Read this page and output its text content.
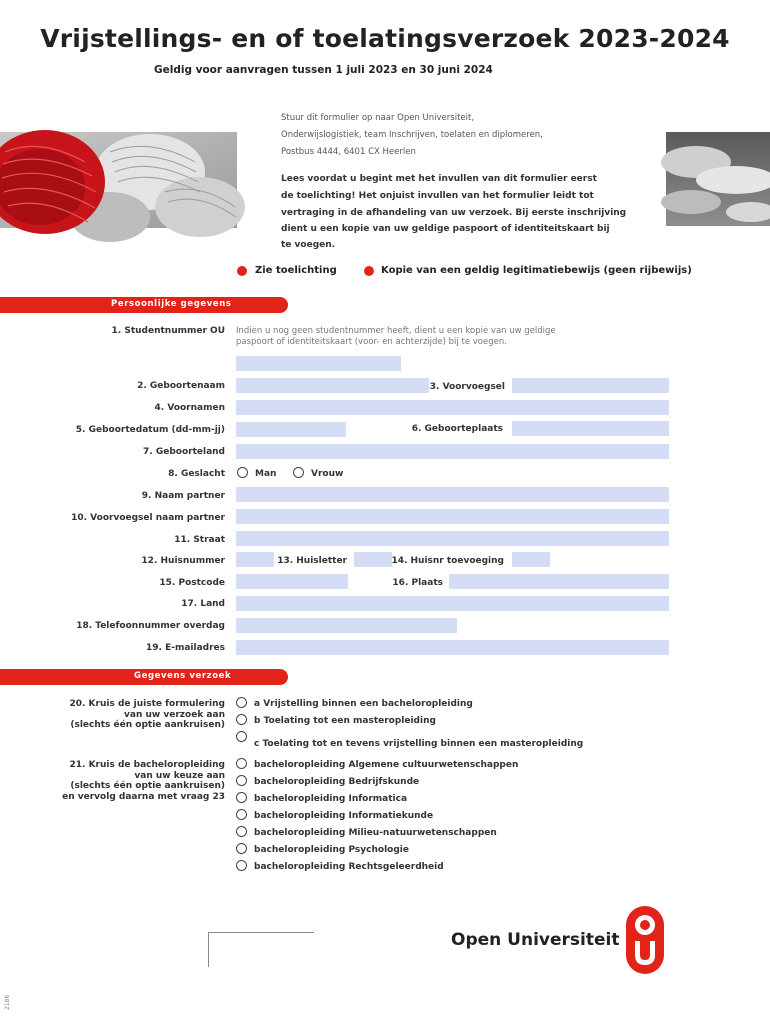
Vrijstellings- en of toelatingsverzoek 2023-2024
Geldig voor aanvragen tussen 1 juli 2023 en 30 juni 2024
Stuur dit formulier op naar Open Universiteit,
Onderwijslogistiek, team Inschrijven, toelaten en diplomeren,
Postbus 4444, 6401 CX Heerlen
Lees voordat u begint met het invullen van dit formulier eerst
de toelichting! Het onjuist invullen van het formulier leidt tot
vertraging in de afhandeling van uw verzoek. Bij eerste inschrijving
dient u een kopie van uw geldige paspoort of identiteitskaart bij
te voegen.
Zie toelichting	Kopie van een geldig legitimatiebewijs (geen rijbewijs)
Persoonlijke gegevens
1. Studentnummer OU Indien u nog geen studentnummer heeft, dient u een kopie van uw geldige
paspoort of identiteitskaart (voor- en achterzijde) bij te voegen.
2. Geboortenaam	3. Voorvoegsel
4. Voornamen
5. Geboortedatum (dd-mm-jj)	6. Geboorteplaats
7. Geboorteland
8. Geslacht	Man	Vrouw
9. Naam partner
10. Voorvoegsel naam partner
11. Straat
12. Huisnummer	13. Huisletter	14. Huisnr toevoeging
15. Postcode	16. Plaats
17. Land
18. Telefoonnummer overdag
19. E-mailadres
Gegevens verzoek
20. Kruis de juiste formulering
van uw verzoek aan
(slechts één optie aankruisen)
a Vrijstelling binnen een bacheloropleiding
b Toelating tot een masteropleiding
c Toelating tot en tevens vrijstelling binnen een masteropleiding
21. Kruis de bacheloropleiding
van uw keuze aan
(slechts één optie aankruisen)
en vervolg daarna met vraag 23
bacheloropleiding Algemene cultuurwetenschappen
bacheloropleiding Bedrijfskunde
bacheloropleiding Informatica
bacheloropleiding Informatiekunde
bacheloropleiding Milieu-natuurwetenschappen
bacheloropleiding Psychologie
bacheloropleiding Rechtsgeleerdheid
Open Universiteit
2186
